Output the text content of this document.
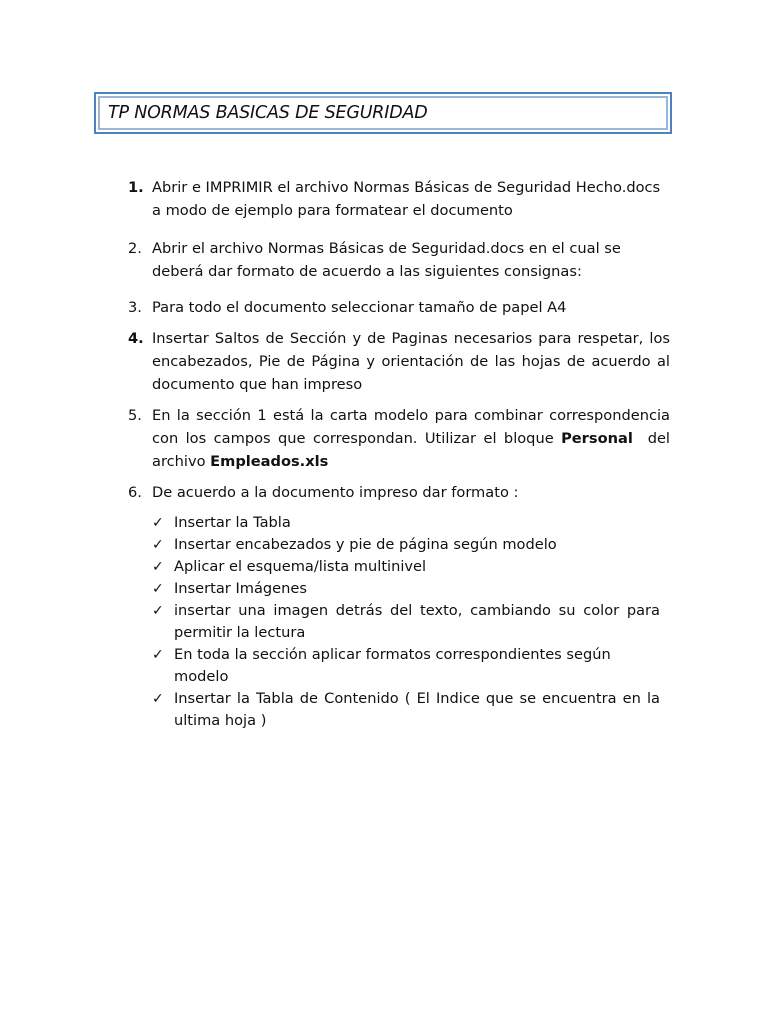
TP NORMAS BASICAS DE SEGURIDAD
1. Abrir e IMPRIMIR el archivo Normas Básicas de Seguridad Hecho.docs a modo de ejemplo para formatear el documento
2. Abrir el archivo Normas Básicas de Seguridad.docs en el cual se deberá dar formato de acuerdo a las siguientes consignas:
3. Para todo el documento seleccionar tamaño de papel A4
4. Insertar Saltos de Sección y de Paginas necesarios para respetar, los encabezados, Pie de Página y orientación de las hojas de acuerdo al documento que han impreso
5. En la sección 1 está la carta modelo para combinar correspondencia con los campos que correspondan. Utilizar el bloque Personal  del archivo Empleados.xls
6. De acuerdo a la documento impreso dar formato :
✓ Insertar la Tabla
✓ Insertar encabezados y pie de página según modelo
✓ Aplicar el esquema/lista multinivel
✓ Insertar Imágenes
✓ insertar una imagen detrás del texto, cambiando su color para permitir la lectura
✓ En toda la sección aplicar formatos correspondientes según modelo
✓ Insertar la Tabla de Contenido ( El Indice que se encuentra en la ultima hoja )
